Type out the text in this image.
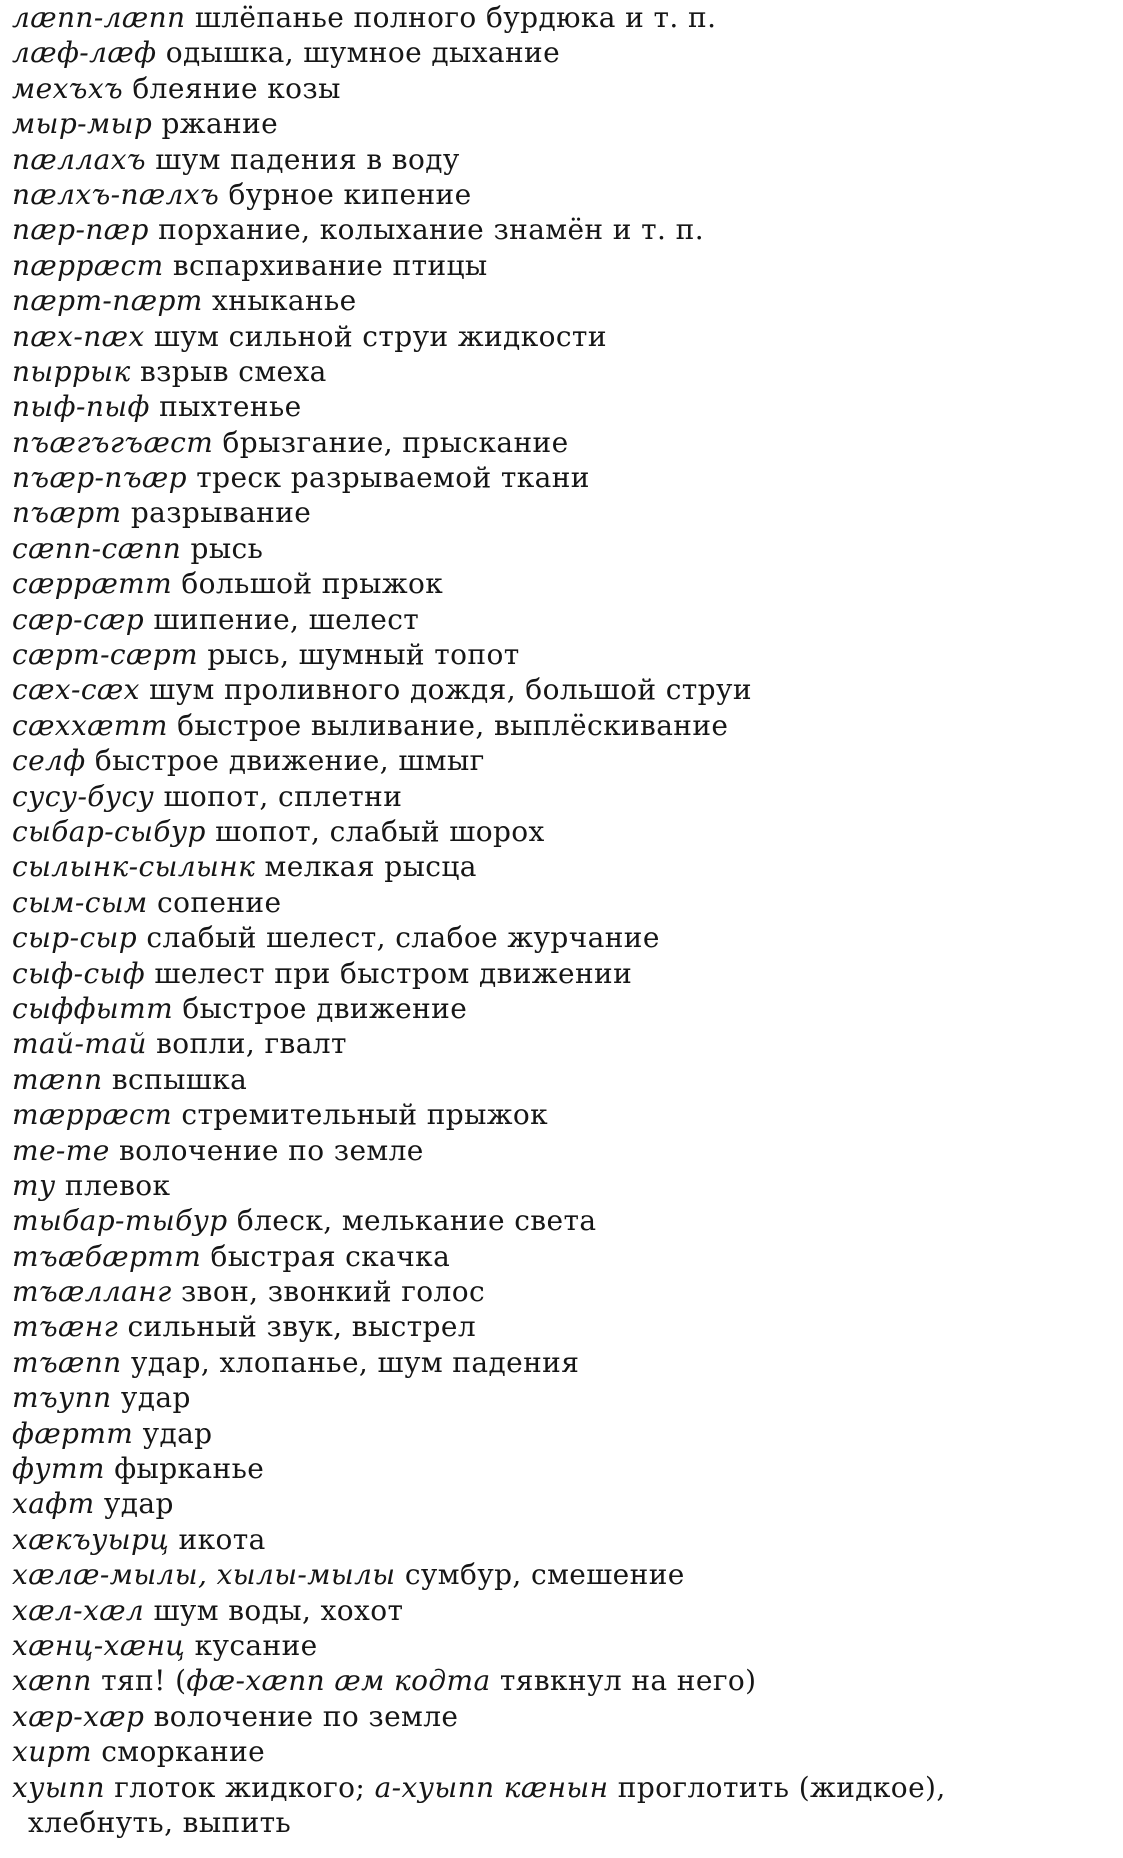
лæпп-лæпп шлёпанье полного бурдюка и т. п.
лæф-лæф одышка, шумное дыхание
мехъхъ блеяние козы
мыр-мыр ржание
пæллахъ шум падения в воду
пæлхъ-пæлхъ бурное кипение
пæр-пæр порхание, колыхание знамён и т. п.
пæррæст вспархивание птицы
пæрт-пæрт хныканье
пæх-пæх шум сильной струи жидкости
пыррык взрыв смеха
пыф-пыф пыхтенье
пъæгъгъæст брызгание, прыскание
пъæр-пъæр треск разрываемой ткани
пъæрт разрывание
сæпп-сæпп рысь
сæррæтт большой прыжок
сæр-сæр шипение, шелест
сæрт-сæрт рысь, шумный топот
сæх-сæх шум проливного дождя, большой струи
сæххæтт быстрое выливание, выплёскивание
селф быстрое движение, шмыг
сусу-бусу шопот, сплетни
сыбар-сыбур шопот, слабый шорох
сылынк-сылынк мелкая рысца
сым-сым сопение
сыр-сыр слабый шелест, слабое журчание
сыф-сыф шелест при быстром движении
сыффытт быстрое движение
тай-тай вопли, гвалт
тæпп вспышка
тæррæст стремительный прыжок
те-те волочение по земле
ту плевок
тыбар-тыбур блеск, мелькание света
тъæбæртт быстрая скачка
тъæлланг звон, звонкий голос
тъæнг сильный звук, выстрел
тъæпп удар, хлопанье, шум падения
тъупп удар
фæртт удар
футт фырканье
хафт удар
хæкъуырц икота
хæлæ-мылы, хылы-мылы сумбур, смешение
хæл-хæл шум воды, хохот
хæнц-хæнц кусание
хæпп тяп! (фæ-хæпп æм кодта тявкнул на него)
хæр-хæр волочение по земле
хирт сморкание
хуыпп глоток жидкого; а-хуыпп кæнын проглотить (жидкое),
хлебнуть, выпить
